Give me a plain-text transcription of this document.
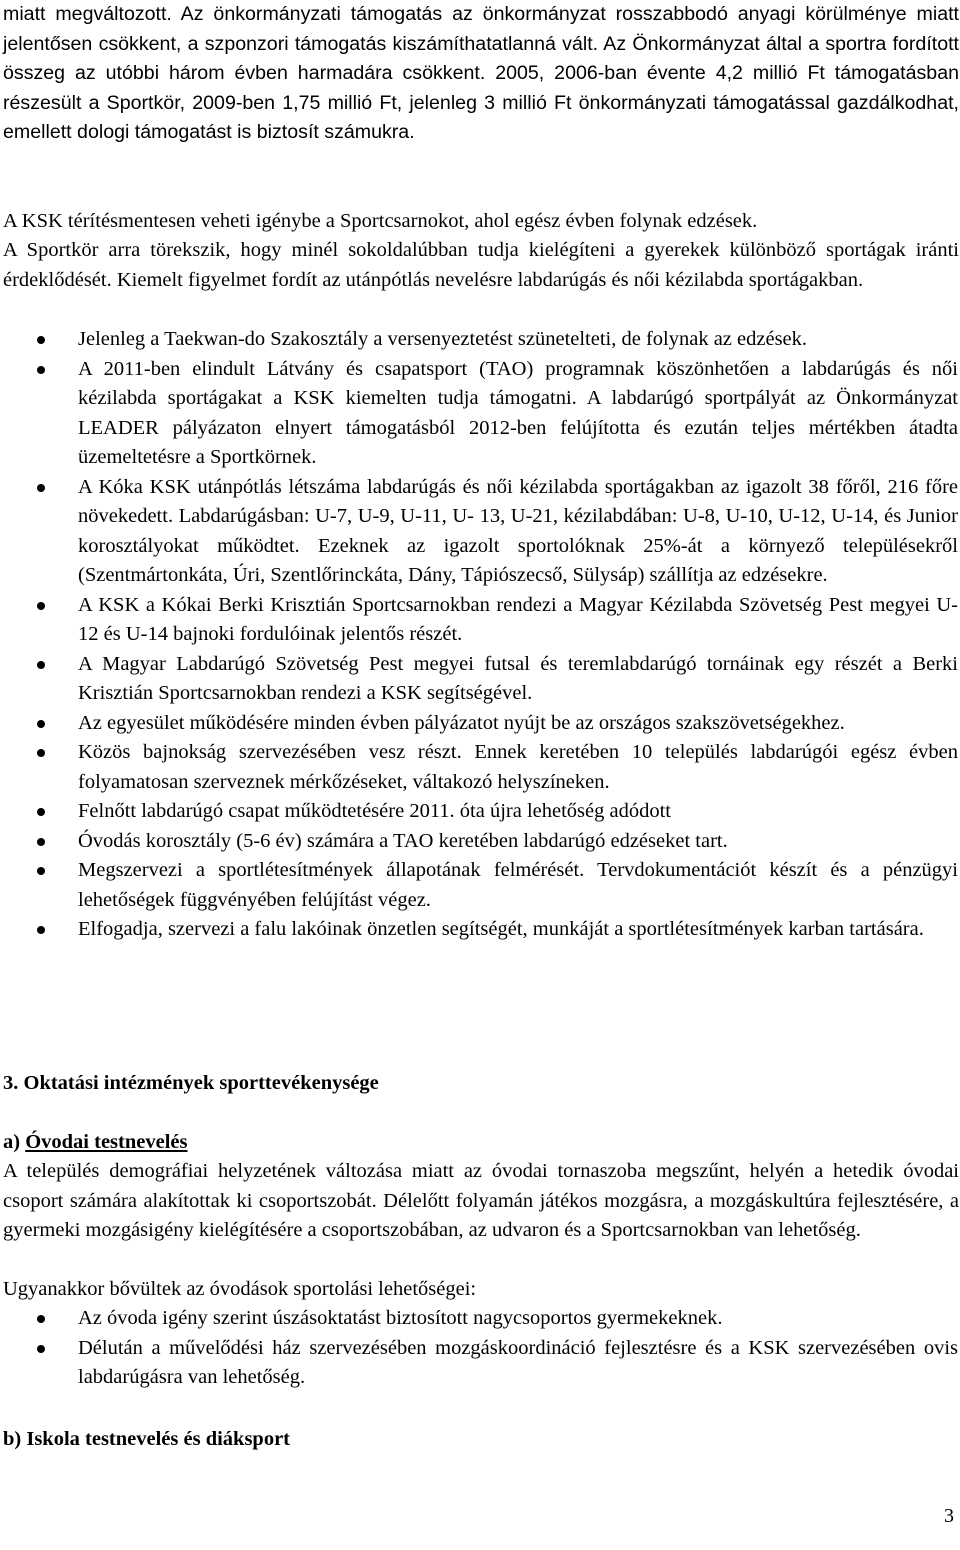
miatt megváltozott. Az önkormányzati támogatás az önkormányzat rosszabbodó anyagi körülménye miatt jelentősen csökkent, a szponzori támogatás kiszámíthatatlanná vált. Az Önkormányzat által a sportra fordított összeg az utóbbi három évben harmadára csökkent. 2005, 2006-ban évente 4,2 millió Ft támogatásban részesült a Sportkör, 2009-ben 1,75 millió Ft, jelenleg 3 millió Ft önkormányzati támogatással gazdálkodhat, emellett dologi támogatást is biztosít számukra.

A KSK térítésmentesen veheti igénybe a Sportcsarnokot, ahol egész évben folynak edzések.

A Sportkör arra törekszik, hogy minél sokoldalúbban tudja kielégíteni a gyerekek különböző sportágak iránti érdeklődését. Kiemelt figyelmet fordít az utánpótlás nevelésre labdarúgás és női kézilabda sportágakban.

Jelenleg a Taekwan-do Szakosztály a versenyeztetést szünetelteti, de folynak az edzések.
A 2011-ben elindult Látvány és csapatsport (TAO) programnak köszönhetően a labdarúgás és női kézilabda sportágakat a KSK kiemelten tudja támogatni. A labdarúgó sportpályát az Önkormányzat LEADER pályázaton elnyert támogatásból 2012-ben felújította és ezután teljes mértékben átadta üzemeltetésre a Sportkörnek.
A Kóka KSK utánpótlás létszáma labdarúgás és női kézilabda sportágakban az igazolt 38 főről, 216 főre növekedett. Labdarúgásban: U-7, U-9, U-11, U- 13, U-21, kézilabdában: U-8, U-10, U-12, U-14, és Junior korosztályokat működtet. Ezeknek az igazolt sportolóknak 25%-át a környező településekről (Szentmártonkáta, Úri, Szentlőrinckáta, Dány, Tápiószecső, Sülysáp) szállítja az edzésekre.
A KSK a Kókai Berki Krisztián Sportcsarnokban rendezi a Magyar Kézilabda Szövetség Pest megyei U-12 és U-14 bajnoki fordulóinak jelentős részét.
A Magyar Labdarúgó Szövetség Pest megyei futsal és teremlabdarúgó tornáinak egy részét a Berki Krisztián Sportcsarnokban rendezi a KSK segítségével.
Az egyesület működésére minden évben pályázatot nyújt be az országos szakszövetségekhez.
Közös bajnokság szervezésében vesz részt. Ennek keretében 10 település labdarúgói egész évben folyamatosan szerveznek mérkőzéseket, váltakozó helyszíneken.
Felnőtt labdarúgó csapat működtetésére 2011. óta újra lehetőség adódott
Óvodás korosztály (5-6 év) számára a TAO keretében labdarúgó edzéseket tart.
Megszervezi a sportlétesítmények állapotának felmérését. Tervdokumentációt készít és a pénzügyi lehetőségek függvényében felújítást végez.
Elfogadja, szervezi a falu lakóinak önzetlen segítségét, munkáját a sportlétesítmények karban tartására.
3. Oktatási intézmények sporttevékenysége
a) Óvodai testnevelés

A település demográfiai helyzetének változása miatt az óvodai tornaszoba megszűnt, helyén a hetedik óvodai csoport számára alakítottak ki csoportszobát. Délelőtt folyamán játékos mozgásra, a mozgáskultúra fejlesztésére, a gyermeki mozgásigény kielégítésére a csoportszobában, az udvaron és a Sportcsarnokban van lehetőség.

Ugyanakkor bővültek az óvodások sportolási lehetőségei:

Az óvoda igény szerint úszásoktatást biztosított nagycsoportos gyermekeknek.
Délután a művelődési ház szervezésében mozgáskoordináció fejlesztésre és a KSK szervezésében ovis labdarúgásra van lehetőség.
b) Iskola testnevelés és diáksport
3
